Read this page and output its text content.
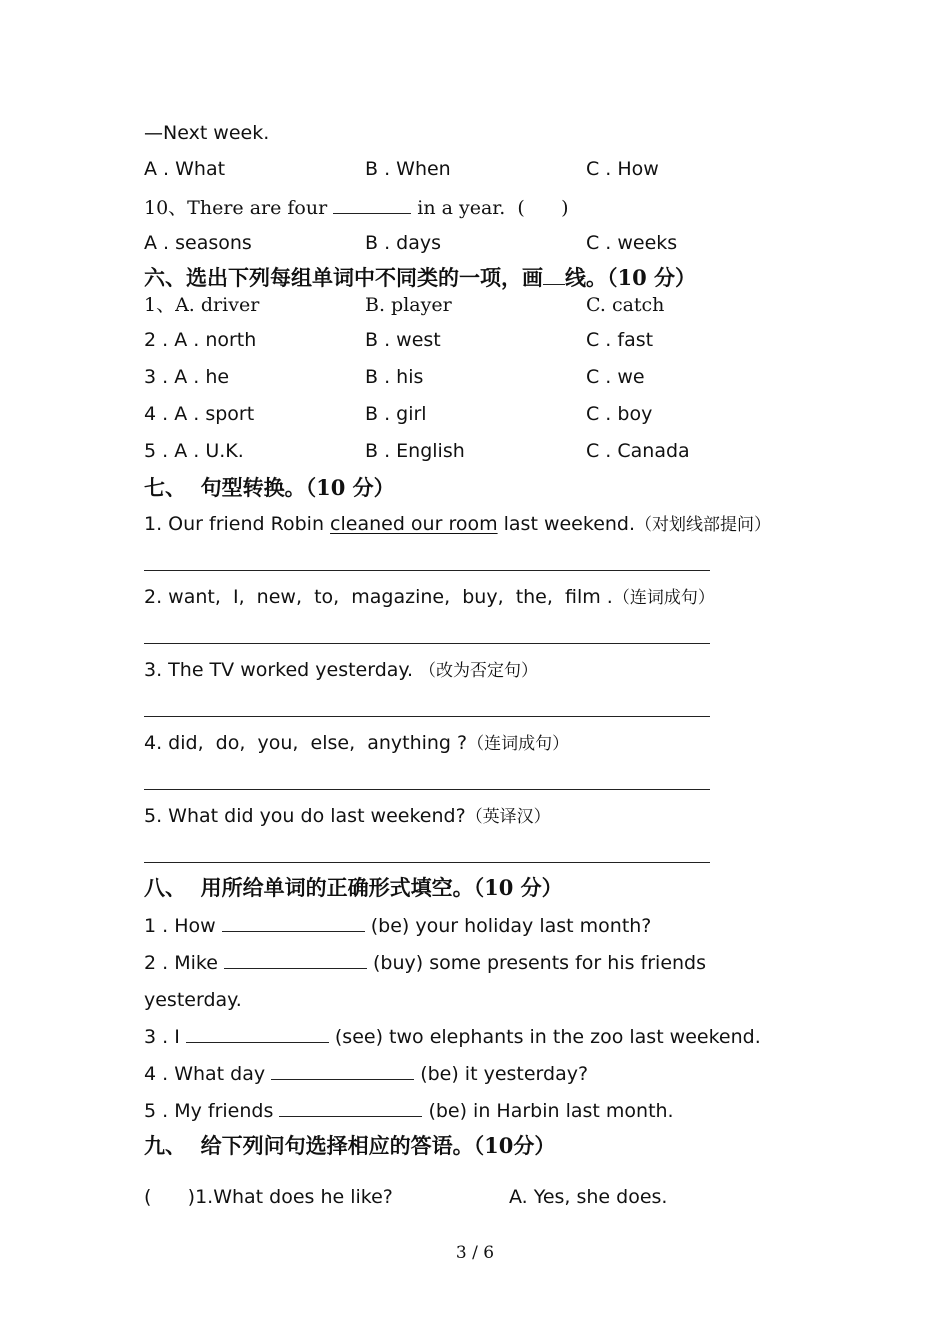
—Next week.
A . What	B . When	C . How
10、There are four	in a year.  (      )
A . seasons	B . days	C . weeks
六、选出下列每组单词中不同类的一项，画 线。（10 分）
1、A. driver	B. player	C. catch
2 . A . north	B . west	C . fast
3 . A . he	B . his	C . we
4 . A . sport	B . girl	C . boy
5 . A . U.K.	B . English	C . Canada
七、  句型转换。（10 分）
1. Our friend Robin cleaned our room last weekend.（对划线部提问）
2. want,  I,  new,  to,  magazine,  buy,  the,  film .（连词成句）
3. The TV worked yesterday. （改为否定句）
4. did,  do,  you,  else,  anything ?（连词成句）
5. What did you do last weekend?（英译汉）
八、  用所给单词的正确形式填空。（10 分）
1 . How	(be) your holiday last month?
2 . Mike	(buy) some presents for his friends
yesterday.
3 . I	(see) two elephants in the zoo last weekend.
4 . What day	(be) it yesterday?
5 . My friends	(be) in Harbin last month.
九、  给下列问句选择相应的答语。（10分）
(      )1.What does he like?	A. Yes, she does.
3 / 6
